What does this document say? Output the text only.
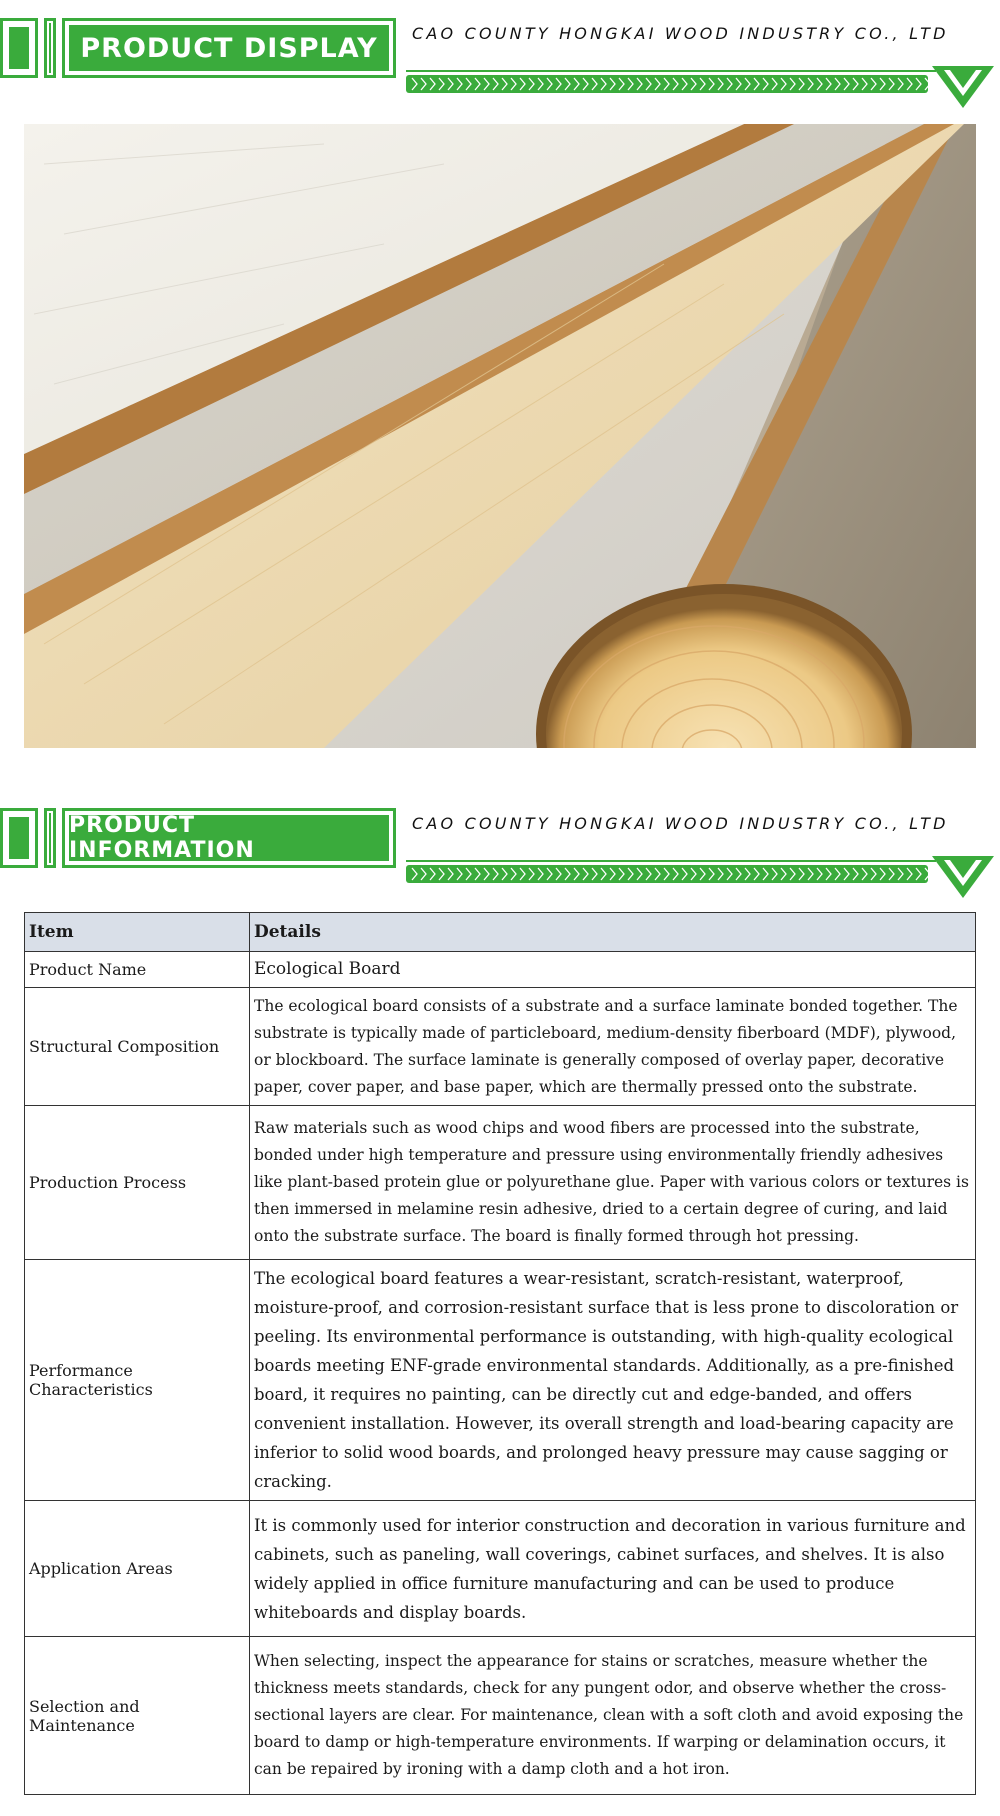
PRODUCT DISPLAY	CAO COUNTY HONGKAI WOOD INDUSTRY CO., LTD
PRODUCT INFORMATION
CAO COUNTY HONGKAI WOOD INDUSTRY CO., LTD
Item	Details
Product Name	Ecological Board
Structural Composition	The ecological board consists of a substrate and a surface laminate bonded together. The substrate is typically made of particleboard, medium-density fiberboard (MDF), plywood, or blockboard. The surface laminate is generally composed of overlay paper, decorative paper, cover paper, and base paper, which are thermally pressed onto the substrate.
Production Process	Raw materials such as wood chips and wood fibers are processed into the substrate, bonded under high temperature and pressure using environmentally friendly adhesives like plant-based protein glue or polyurethane glue. Paper with various colors or textures is then immersed in melamine resin adhesive, dried to a certain degree of curing, and laid onto the substrate surface. The board is finally formed through hot pressing.
Performance Characteristics	The ecological board features a wear-resistant, scratch-resistant, waterproof, moisture-proof, and corrosion-resistant surface that is less prone to discoloration or peeling. Its environmental performance is outstanding, with high-quality ecological boards meeting ENF-grade environmental standards. Additionally, as a pre-finished board, it requires no painting, can be directly cut and edge-banded, and offers convenient installation. However, its overall strength and load-bearing capacity are inferior to solid wood boards, and prolonged heavy pressure may cause sagging or cracking.
Application Areas	It is commonly used for interior construction and decoration in various furniture and cabinets, such as paneling, wall coverings, cabinet surfaces, and shelves. It is also widely applied in office furniture manufacturing and can be used to produce whiteboards and display boards.
Selection and Maintenance	When selecting, inspect the appearance for stains or scratches, measure whether the thickness meets standards, check for any pungent odor, and observe whether the cross-sectional layers are clear. For maintenance, clean with a soft cloth and avoid exposing the board to damp or high-temperature environments. If warping or delamination occurs, it can be repaired by ironing with a damp cloth and a hot iron.
